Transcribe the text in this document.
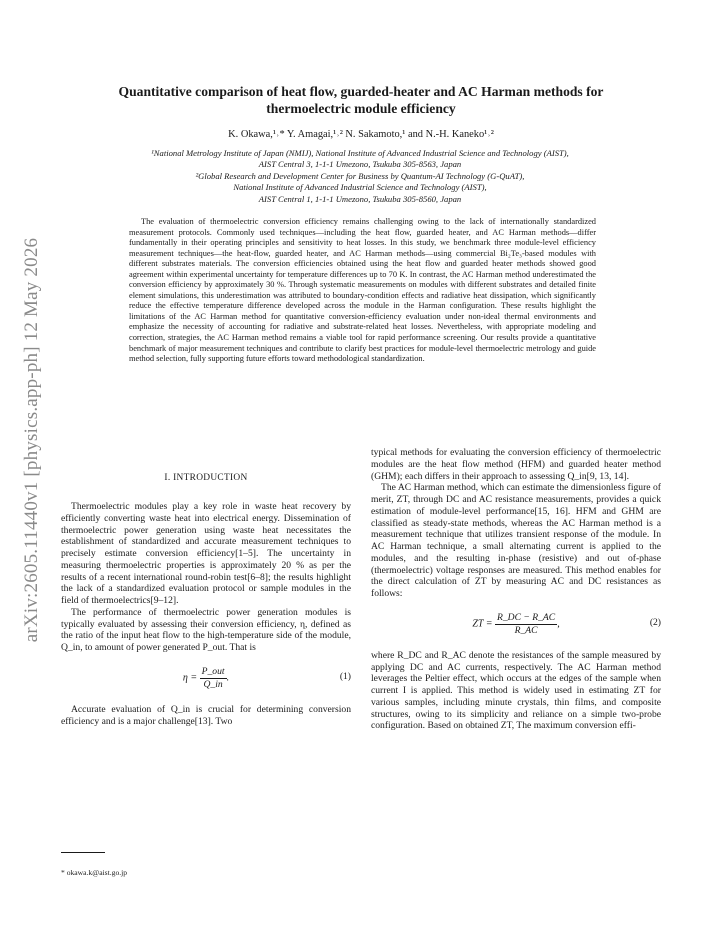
arXiv:2605.11440v1 [physics.app-ph] 12 May 2026
Quantitative comparison of heat flow, guarded-heater and AC Harman methods for
thermoelectric module efficiency
K. Okawa,¹˒* Y. Amagai,¹˒² N. Sakamoto,¹ and N.-H. Kaneko¹˒²
¹National Metrology Institute of Japan (NMIJ), National Institute of Advanced Industrial Science and Technology (AIST),
AIST Central 3, 1-1-1 Umezono, Tsukuba 305-8563, Japan
²Global Research and Development Center for Business by Quantum-AI Technology (G-QuAT),
National Institute of Advanced Industrial Science and Technology (AIST),
AIST Central 1, 1-1-1 Umezono, Tsukuba 305-8560, Japan
The evaluation of thermoelectric conversion efficiency remains challenging owing to the lack of internationally standardized measurement protocols. Commonly used techniques—including the heat flow, guarded heater, and AC Harman methods—differ fundamentally in their operating principles and sensitivity to heat losses. In this study, we benchmark three module-level efficiency measurement techniques—the heat-flow, guarded heater, and AC Harman methods—using commercial Bi₂Te₃-based modules with different substrates materials. The conversion efficiencies obtained using the heat flow and guarded heater methods showed good agreement within experimental uncertainty for temperature differences up to 70 K. In contrast, the AC Harman method underestimated the conversion efficiency by approximately 30 %. Through systematic measurements on modules with different substrates and detailed finite element simulations, this underestimation was attributed to boundary-condition effects and radiative heat dissipation, which significantly reduce the effective temperature difference developed across the module in the Harman configuration. These results highlight the limitations of the AC Harman method for quantitative conversion-efficiency evaluation under non-ideal thermal environments and emphasize the necessity of accounting for radiative and substrate-related heat losses. Nevertheless, with appropriate modeling and correction, strategies, the AC Harman method remains a viable tool for rapid performance screening. Our results provide a quantitative benchmark of major measurement techniques and contribute to clarify best practices for module-level thermoelectric metrology and guide method selection, fully supporting future efforts toward methodological standardization.
I. INTRODUCTION

Thermoelectric modules play a key role in waste heat recovery by efficiently converting waste heat into electrical energy. Dissemination of thermoelectric power generation using waste heat necessitates the establishment of standardized and accurate measurement techniques to precisely estimate conversion efficiency[1–5]. The uncertainty in measuring thermoelectric properties is approximately 20 % as per the results of a recent international round-robin test[6–8]; the results highlight the lack of a standardized evaluation protocol or sample modules in the field of thermoelectrics[9–12].

The performance of thermoelectric power generation modules is typically evaluated by assessing their conversion efficiency, η, defined as the ratio of the input heat flow to the high-temperature side of the module, Q_in, to amount of power generated P_out. That is

$\eta = \frac{\text{P\_out}}{Q\_in}$ .	(1)

Accurate evaluation of Q_in is crucial for determining conversion efficiency and is a major challenge[13]. Two

typical methods for evaluating the conversion efficiency of thermoelectric modules are the heat flow method (HFM) and guarded heater method (GHM); each differs in their approach to assessing Q_in[9, 13, 14].

The AC Harman method, which can estimate the dimensionless figure of merit, ZT, through DC and AC resistance measurements, provides a quick estimation of module-level performance[15, 16]. HFM and GHM are classified as steady-state methods, whereas the AC Harman method is a measurement technique that utilizes transient response of the module. In AC Harman technique, a small alternating current is applied to the modules, and the resulting in-phase (resistive) and out of-phase (thermoelectric) voltage responses are measured. This method enables for the direct calculation of ZT by measuring AC and DC resistances as follows:

ZT = $\frac{R\_DC - R\_AC}{R\_AC}$ ,	(2)

where R_DC and R_AC denote the resistances of the sample measured by applying DC and AC currents, respectively. The AC Harman method leverages the Peltier effect, which occurs at the edges of the sample when current I is applied. This method is widely used in estimating ZT for various samples, including minute crystals, thin films, and composite structures, owing to its simplicity and reliance on a simple two-probe configuration. Based on obtained ZT, The maximum conversion effi-

* okawa.k@aist.go.jp
